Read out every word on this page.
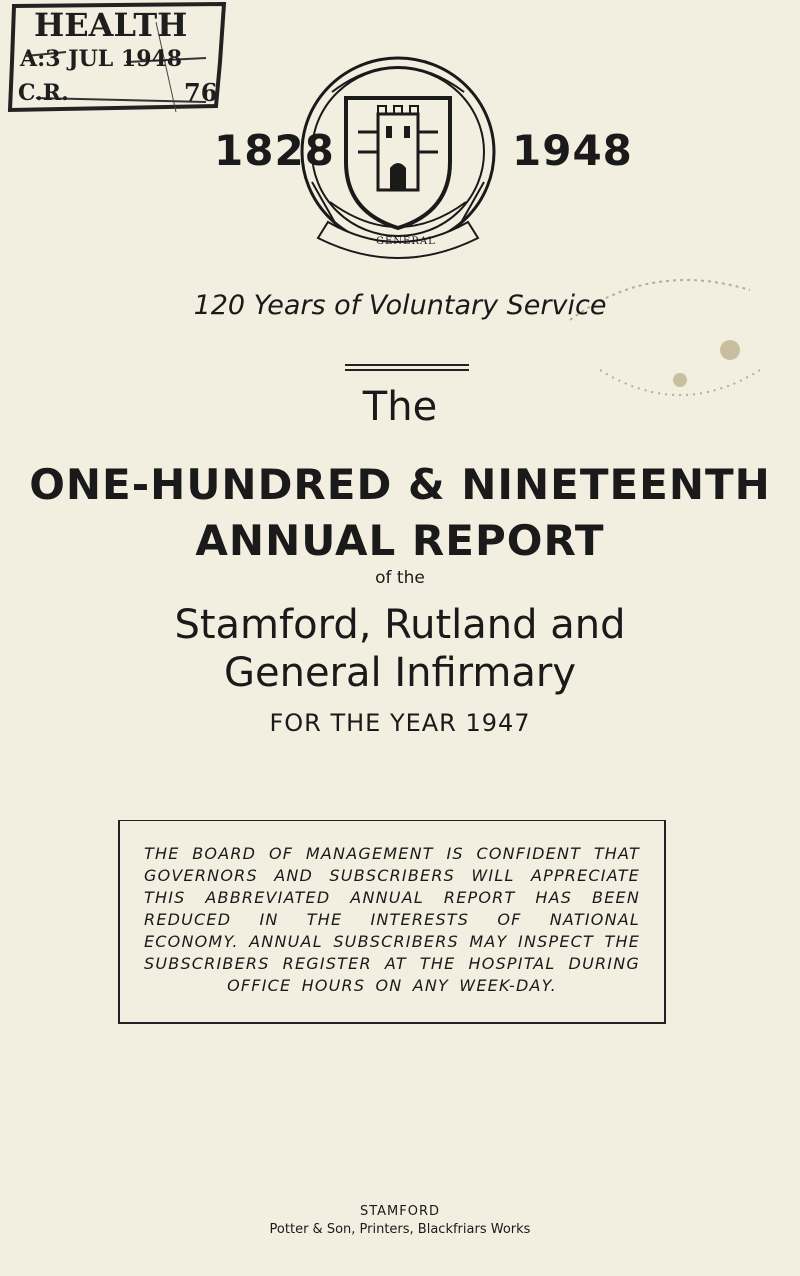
HEALTH
A:3 JUL 1948
C.R.	76
1828	1948
GENERAL
120 Years of Voluntary Service
The
ONE-HUNDRED & NINETEENTH
ANNUAL REPORT
of the
Stamford, Rutland and
General Infirmary
FOR THE YEAR 1947

THE BOARD OF MANAGEMENT IS CONFIDENT THAT GOVERNORS AND SUBSCRIBERS WILL APPRECIATE THIS ABBREVIATED ANNUAL REPORT HAS BEEN REDUCED IN THE INTERESTS OF NATIONAL ECONOMY. ANNUAL SUBSCRIBERS MAY INSPECT THE SUBSCRIBERS REGISTER AT THE HOSPITAL DURING OFFICE HOURS ON ANY WEEK-DAY.

STAMFORD
Potter & Son, Printers, Blackfriars Works
